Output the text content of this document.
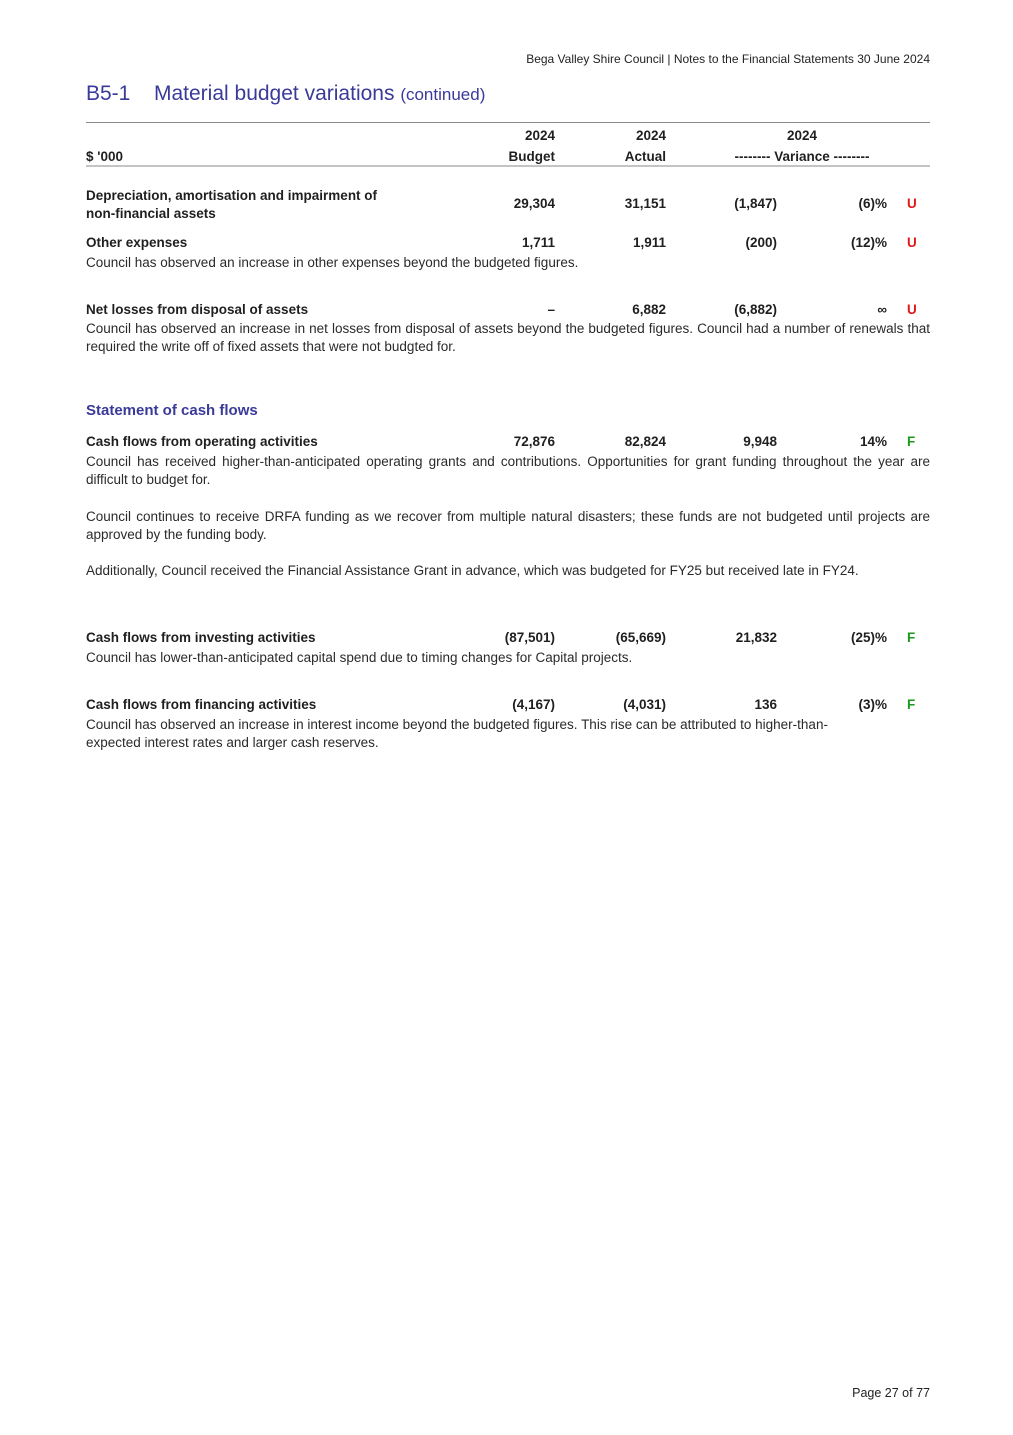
Bega Valley Shire Council | Notes to the Financial Statements 30 June 2024
B5-1 Material budget variations (continued)
2024	2024	2024
$ '000	Budget	Actual	-------- Variance --------
Depreciation, amortisation and impairment of
non-financial assets
29,304	31,151	(1,847)	(6)% U
Other expenses	1,711	1,911	(200)	(12)% U

Council has observed an increase in other expenses beyond the budgeted figures.

Net losses from disposal of assets	–	6,882	(6,882)	∞ U

Council has observed an increase in net losses from disposal of assets beyond the budgeted figures. Council had a number of renewals that required the write off of fixed assets that were not budgted for.

Statement of cash flows
Cash flows from operating activities	72,876	82,824	9,948	14% F

Council has received higher-than-anticipated operating grants and contributions. Opportunities for grant funding throughout the year are difficult to budget for.

Council continues to receive DRFA funding as we recover from multiple natural disasters; these funds are not budgeted until projects are approved by the funding body.

Additionally, Council received the Financial Assistance Grant in advance, which was budgeted for FY25 but received late in FY24.

Cash flows from investing activities	(87,501)	(65,669)	21,832	(25)% F

Council has lower-than-anticipated capital spend due to timing changes for Capital projects.

Cash flows from financing activities	(4,167)	(4,031)	136	(3)% F

Council has observed an increase in interest income beyond the budgeted figures. This rise can be attributed to higher-than-expected interest rates and larger cash reserves.

Page 27 of 77
